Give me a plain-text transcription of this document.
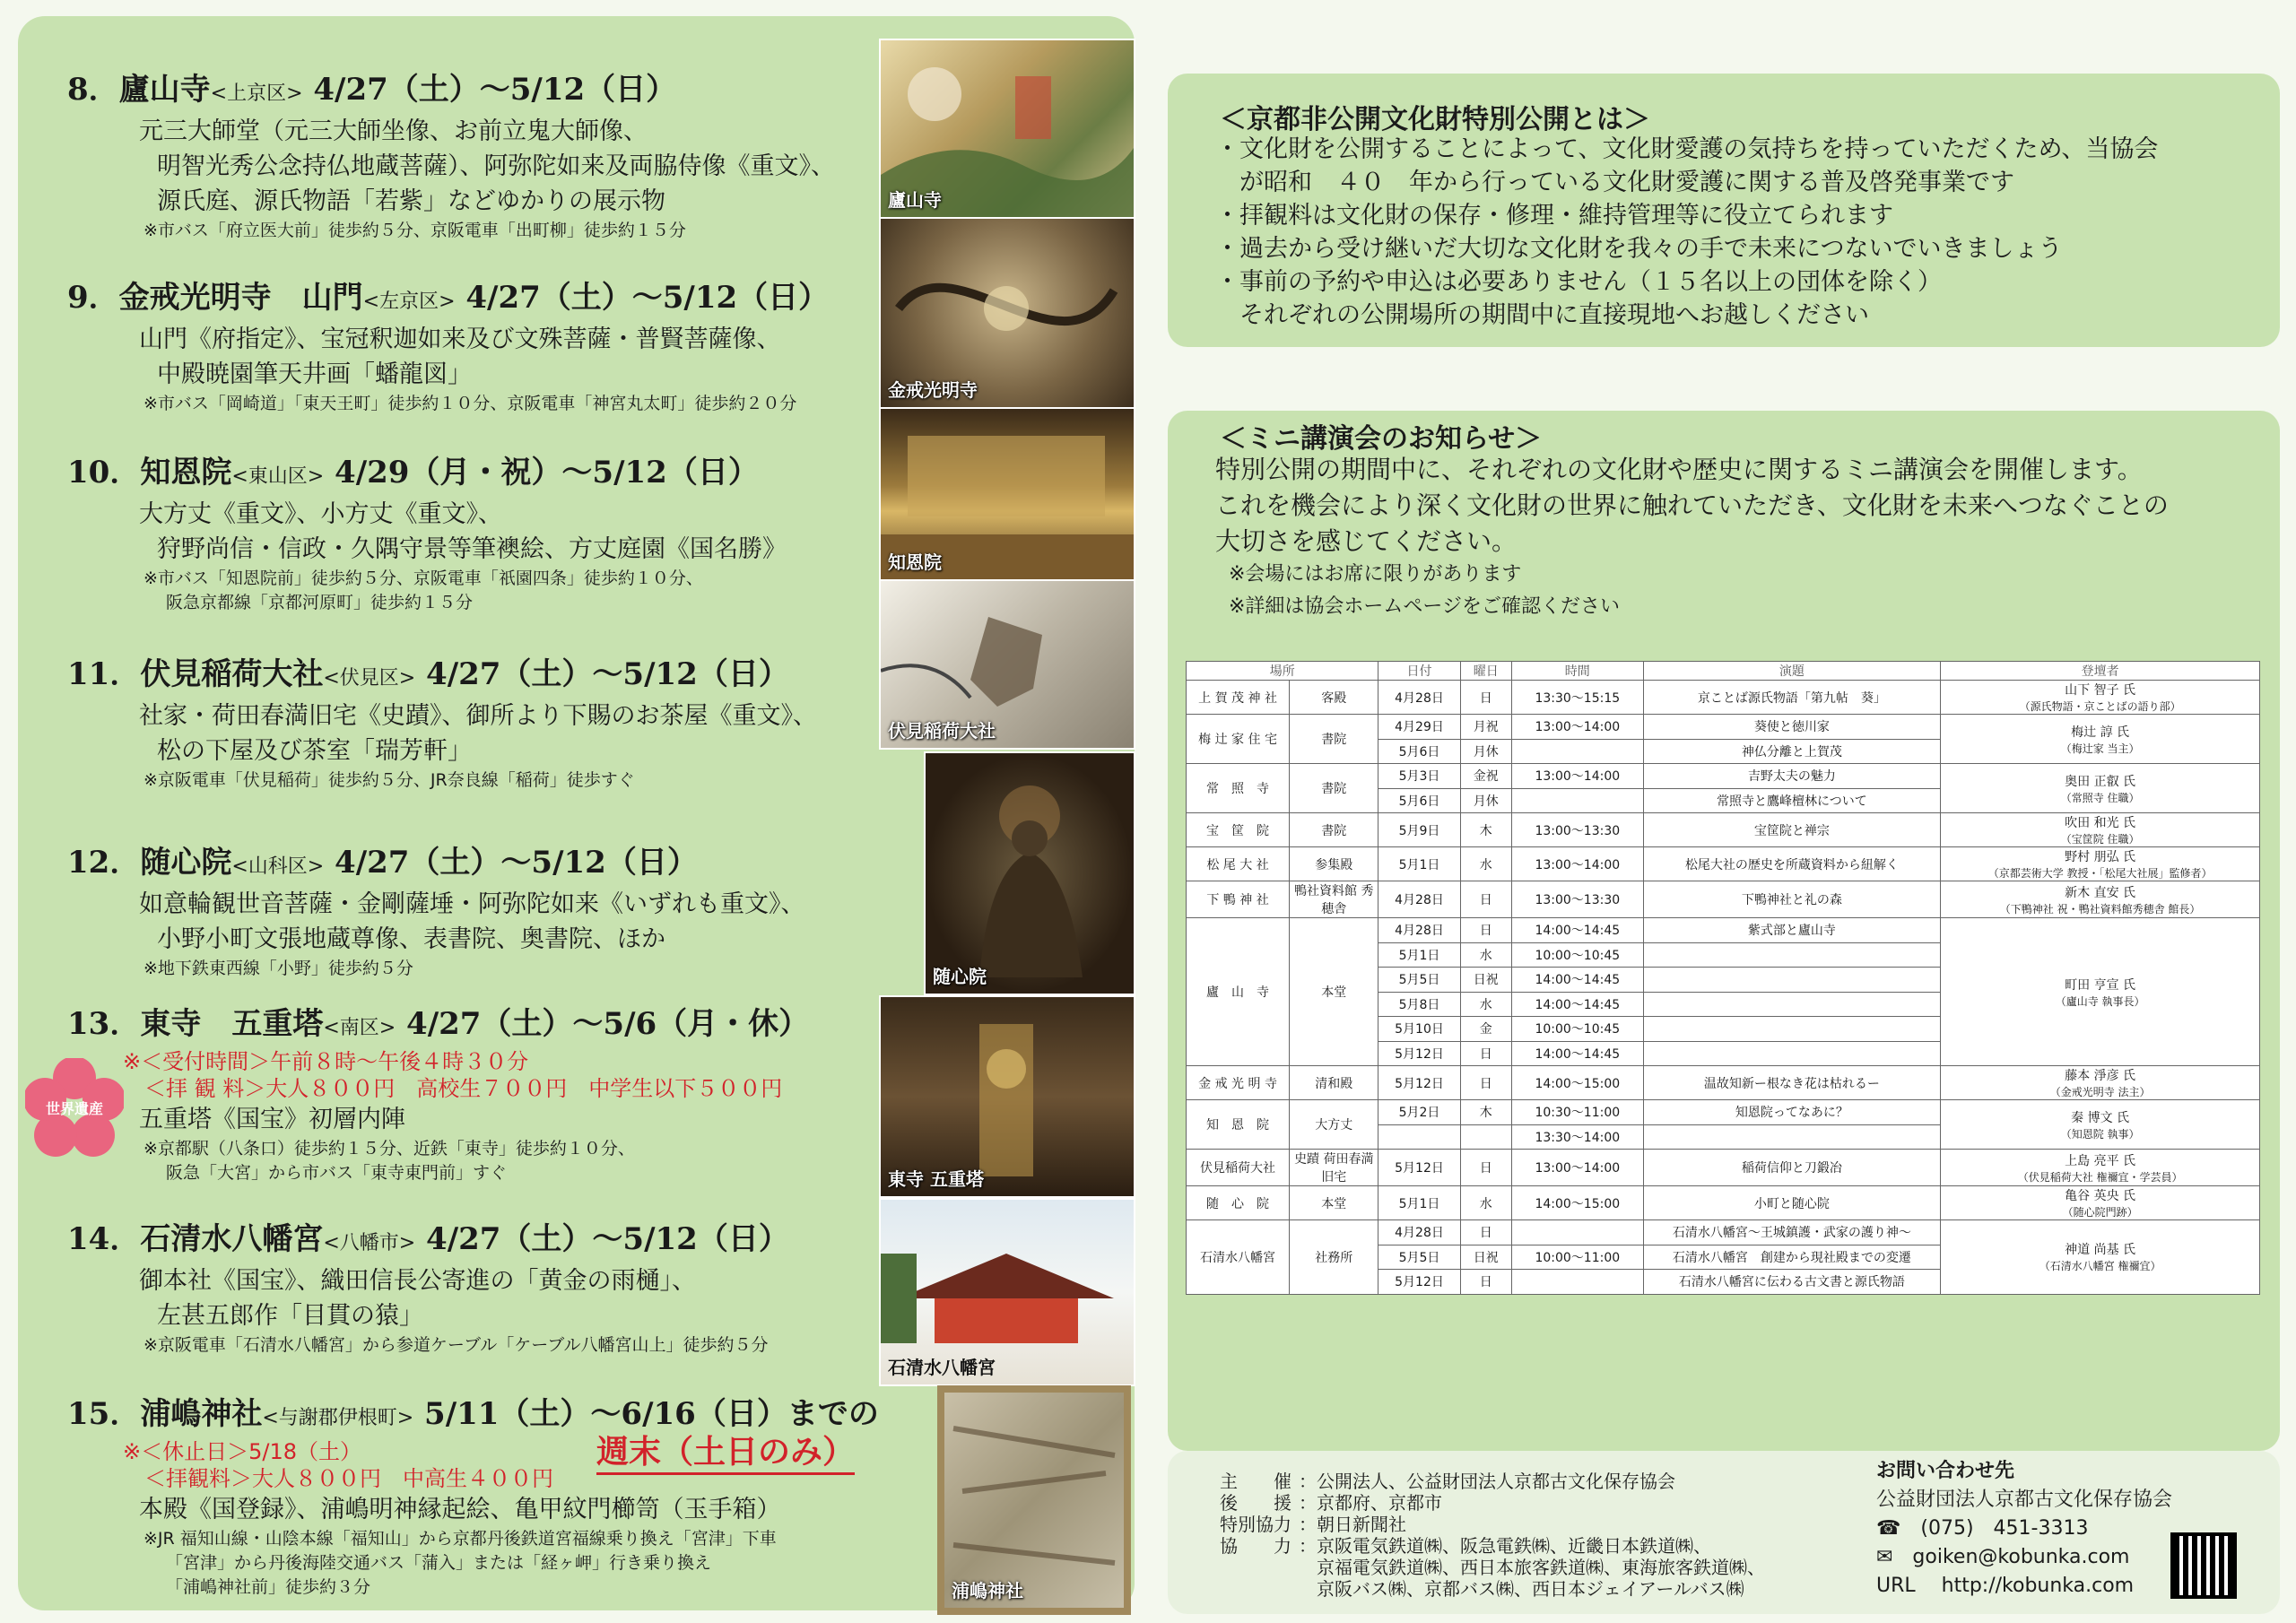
8．廬山寺<上京区> 4/27（土）～5/12（日）
元三大師堂（元三大師坐像、お前立鬼大師像、
明智光秀公念持仏地蔵菩薩）、阿弥陀如来及両脇侍像《重文》、
源氏庭、源氏物語「若紫」などゆかりの展示物
※市バス「府立医大前」徒歩約５分、京阪電車「出町柳」徒歩約１５分
9．金戒光明寺　山門<左京区> 4/27（土）～5/12（日）
山門《府指定》、宝冠釈迦如来及び文殊菩薩・普賢菩薩像、
中殿暁園筆天井画「蟠龍図」
※市バス「岡崎道」「東天王町」徒歩約１０分、京阪電車「神宮丸太町」徒歩約２０分
10．知恩院<東山区> 4/29（月・祝）～5/12（日）
大方丈《重文》、小方丈《重文》、
狩野尚信・信政・久隅守景等筆襖絵、方丈庭園《国名勝》
※市バス「知恩院前」徒歩約５分、京阪電車「祇園四条」徒歩約１０分、
阪急京都線「京都河原町」徒歩約１５分
11．伏見稲荷大社<伏見区> 4/27（土）～5/12（日）
社家・荷田春満旧宅《史蹟》、御所より下賜のお茶屋《重文》、
松の下屋及び茶室「瑞芳軒」
※京阪電車「伏見稲荷」徒歩約５分、JR奈良線「稲荷」徒歩すぐ
12．随心院<山科区> 4/27（土）～5/12（日）
如意輪観世音菩薩・金剛薩埵・阿弥陀如来《いずれも重文》、
小野小町文張地蔵尊像、表書院、奥書院、ほか
※地下鉄東西線「小野」徒歩約５分
13．東寺　五重塔<南区> 4/27（土）～5/6（月・休）
※＜受付時間＞午前８時～午後４時３０分
　＜拝 観 料＞大人８００円　高校生７００円　中学生以下５００円
五重塔《国宝》初層内陣
※京都駅（八条口）徒歩約１５分、近鉄「東寺」徒歩約１０分、
阪急「大宮」から市バス「東寺東門前」すぐ
14．石清水八幡宮<八幡市> 4/27（土）～5/12（日）
御本社《国宝》、織田信長公寄進の「黄金の雨樋」、
左甚五郎作「目貫の猿」
※京阪電車「石清水八幡宮」から参道ケーブル「ケーブル八幡宮山上」徒歩約５分
15．浦嶋神社<与謝郡伊根町> 5/11（土）～6/16（日）までの
※＜休止日＞5/18（土）
　＜拝観料＞大人８００円　中高生４００円
本殿《国登録》、浦嶋明神縁起絵、亀甲紋門櫛笥（玉手箱）
※JR 福知山線・山陰本線「福知山」から京都丹後鉄道宮福線乗り換え「宮津」下車
「宮津」から丹後海陸交通バス「蒲入」または「経ヶ岬」行き乗り換え
「浦嶋神社前」徒歩約３分
週末（土日のみ）
廬山寺
金戒光明寺
知恩院
伏見稲荷大社
随心院
東寺 五重塔
石清水八幡宮
浦嶋神社
世界遺産
＜京都非公開文化財特別公開とは＞
・文化財を公開することによって、文化財愛護の気持ちを持っていただくため、当協会
　が昭和　４０　年から行っている文化財愛護に関する普及啓発事業です
・拝観料は文化財の保存・修理・維持管理等に役立てられます
・過去から受け継いだ大切な文化財を我々の手で未来につないでいきましょう
・事前の予約や申込は必要ありません（１５名以上の団体を除く）
　それぞれの公開場所の期間中に直接現地へお越しください
＜ミニ講演会のお知らせ＞
特別公開の期間中に、それぞれの文化財や歴史に関するミニ講演会を開催します。
これを機会により深く文化財の世界に触れていただき、文化財を未来へつなぐことの
大切さを感じてください。
※会場にはお席に限りがあります
※詳細は協会ホームページをご確認ください
場所		日付	曜日	時間	演題	登壇者
上 賀 茂 神 社	客殿	4月28日	日	13:30～15:15	京ことば源氏物語「第九帖　葵」	山下 智子 氏
（源氏物語・京ことばの語り部）

梅 辻 家 住 宅	書院	4月29日	月祝	13:00～14:00	葵使と徳川家	梅辻 諄 氏
（梅辻家 当主）

		5月6日	月休		神仏分離と上賀茂	
常　照　寺	書院	5月3日	金祝	13:00～14:00	吉野太夫の魅力	奥田 正叡 氏
（常照寺 住職）

		5月6日	月休		常照寺と鷹峰檀林について	
宝　筐　院	書院	5月9日	木	13:00～13:30	宝筐院と禅宗	吹田 和光 氏
（宝筐院 住職）

松 尾 大 社	参集殿	5月1日	水	13:00～14:00	松尾大社の歴史を所蔵資料から紐解く	野村 朋弘 氏
（京都芸術大学 教授・「松尾大社展」監修者）

下 鴨 神 社	鴨社資料館 秀穂舎	4月28日	日	13:00～13:30	下鴨神社と礼の森	新木 直安 氏
（下鴨神社 祝・鴨社資料館秀穂舎 館長）

廬　山　寺	本堂	4月28日	日	14:00～14:45	紫式部と廬山寺	町田 亨宣 氏
（廬山寺 執事長）

		5月1日	水	10:00～10:45		
		5月5日	日祝	14:00～14:45		
		5月8日	水	14:00～14:45		
		5月10日	金	10:00～10:45		
		5月12日	日	14:00～14:45		
金 戒 光 明 寺	清和殿	5月12日	日	14:00～15:00	温故知新ー根なき花は枯れるー	藤本 淨彦 氏
（金戒光明寺 法主）

知　恩　院	大方丈	5月2日	木	10:30～11:00	知恩院ってなあに？	秦 博文 氏
（知恩院 執事）

				13:30～14:00		
伏見稲荷大社	史蹟 荷田春満旧宅	5月12日	日	13:00～14:00	稲荷信仰と刀鍛冶	上島 亮平 氏
（伏見稲荷大社 権禰宜・学芸員）

随　心　院	本堂	5月1日	水	14:00～15:00	小町と随心院	亀谷 英央 氏
（随心院門跡）

石清水八幡宮	社務所	4月28日	日		石清水八幡宮〜王城鎮護・武家の護り神〜	神道 尚基 氏
（石清水八幡宮 権禰宜）

		5月5日	日祝	10:00～11:00	石清水八幡宮　創建から現社殿までの変遷	
		5月12日	日		石清水八幡宮に伝わる古文書と源氏物語	
主　　催 ：公開法人、公益財団法人京都古文化保存協会
後　　援 ：京都府、京都市
特別協力 ：朝日新聞社
協　　力 ：京阪電気鉄道㈱、阪急電鉄㈱、近畿日本鉄道㈱、
　京福電気鉄道㈱、西日本旅客鉄道㈱、東海旅客鉄道㈱、
　京阪バス㈱、京都バス㈱、西日本ジェイアールバス㈱
お問い合わせ先
公益財団法人京都古文化保存協会
☎　(075)　451-3313
✉　goiken@kobunka.com
URL　 http://kobunka.com
